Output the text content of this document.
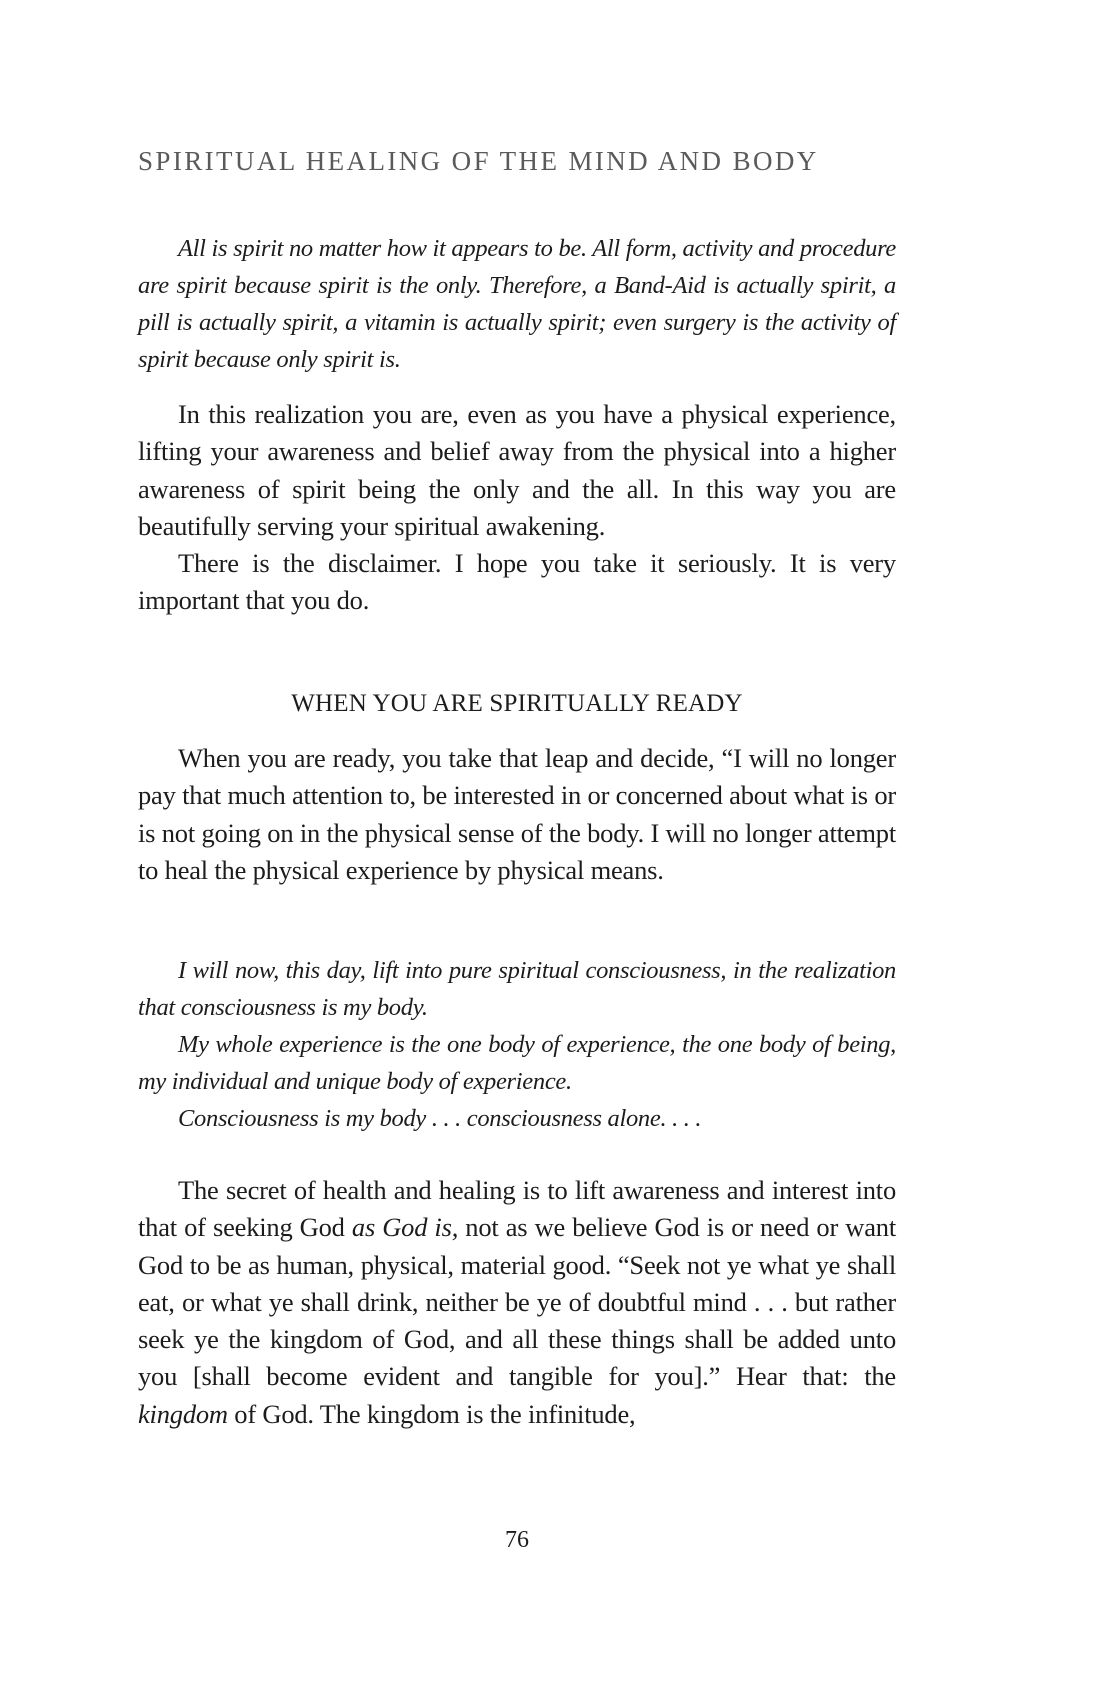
SPIRITUAL HEALING OF THE MIND AND BODY

All is spirit no matter how it appears to be. All form, activity and procedure are spirit because spirit is the only. Therefore, a Band-Aid is actually spirit, a pill is actually spirit, a vitamin is actually spirit; even surgery is the activity of spirit because only spirit is.

In this realization you are, even as you have a physical experience, lifting your awareness and belief away from the physical into a higher awareness of spirit being the only and the all. In this way you are beautifully serving your spiritual awakening.

There is the disclaimer. I hope you take it seriously. It is very important that you do.

WHEN YOU ARE SPIRITUALLY READY

When you are ready, you take that leap and decide, “I will no longer pay that much attention to, be interested in or concerned about what is or is not going on in the physical sense of the body. I will no longer attempt to heal the physical experience by physical means.

I will now, this day, lift into pure spiritual consciousness, in the realization that consciousness is my body.

My whole experience is the one body of experience, the one body of being, my individual and unique body of experience.

Consciousness is my body . . . consciousness alone. . . .

The secret of health and healing is to lift awareness and interest into that of seeking God as God is, not as we believe God is or need or want God to be as human, physical, material good. “Seek not ye what ye shall eat, or what ye shall drink, neither be ye of doubtful mind . . . but rather seek ye the kingdom of God, and all these things shall be added unto you [shall become evident and tangible for you].” Hear that: the kingdom of God. The kingdom is the infinitude,

76
